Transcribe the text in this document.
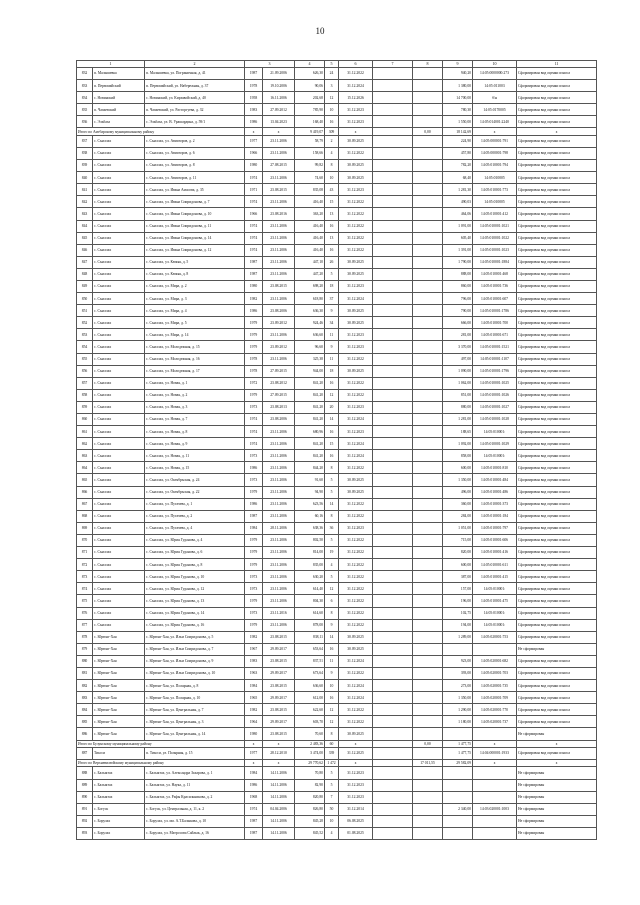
10
1		2	3		4	5	6	7	8	9	10	11
832	п. Малышевка	п. Малышевка, ул. Пограничная, д. 41	1987	21.09.2006	626,30	24	31.12.2022			940,20	14:05:0000000:273	Сформирован вид оценки износа
833	п. Первомайский	п. Первомайский, ул. Набережная, д. 37	1978	19.10.2006	90,06	3	31.12.2024			1 380,00	14:05:011003	Сформирован вид оценки износа
834	с. Новинский	с. Новинский, ул. Кирзавойский, д. 40	1958	16.11.2006	202,68	12	15.12.2026			14 700,00	б/н	Сформирован вид оценки износа
835	п. Чапаевский	п. Чапаевский, ул. Расторгуева, д. 32	1983	27.09.2012	785,90	10	31.12.2023			780,30	14:05:0170005	Сформирован вид оценки износа
836	с. Эльбаза	с. Эльбаза, ул. В. Урашардина, д. 59/1	1986	13.04.2023	168,40	16	31.12.2023			1 550,00	14:05:014001:2240	Сформирован вид оценки износа
Итого по Амгбарскому муниципальному району			x	x	9 419,07	309	x		0,00	18 142,69	x	x
837	с. Сыаллах	с. Сыаллах, ул. Авиаторов, д. 2	1977	23.11.2006	58,79	2	30.09.2025			224,90	14:05:000001:791	Сформирован вид оценки износа
838	с. Сыаллах	с. Сыаллах, ул. Авиаторов, д. 6	1966	23.11.2006	158,66	4	31.12.2022			457,80	14:05:000001:798	Сформирован вид оценки износа
839	с. Сыаллах	с. Сыаллах, ул. Авиаторов, д. 8	1980	27.08.2015	99,82	8	30.09.2025			782,20	14:05:010001:794	Сформирован вид оценки износа
840	с. Сыаллах	с. Сыаллах, ул. Авиаторов, д. 11	1974	23.11.2006	74,60	10	30.09.2025			68,40	14:05:010005	Сформирован вид оценки износа
841	с. Сыаллах	с. Сыаллах, ул. Ивана Амасова, д. 35	1971	23.08.2015	835,08	43	31.12.2023			1 281,30	14:05:010001:773	Сформирован вид оценки износа
842	с. Сыаллах	с. Сыаллах, ул. Ивана Спиридонова, д. 7	1974	23.11.2006	416,40	15	31.12.2022			490,03	14:05:010005	Сформирован вид оценки износа
843	с. Сыаллах	с. Сыаллах, ул. Ивана Спиридонова, д. 10	1966	23.08.2016	363,20	13	31.12.2022			464,06	14:05:010001:412	Сформирован вид оценки износа
844	с. Сыаллах	с. Сыаллах, ул. Ивана Спиридонова, д. 11	1974	23.11.2006	416,40	16	31.12.2022			1 091,00	14:05:010001:1021	Сформирован вид оценки износа
845	с. Сыаллах	с. Сыаллах, ул. Ивана Спиридонова, д. 14	1974	23.11.2006	416,40	13	31.12.2022			605,40	14:05:010001:1022	Сформирован вид оценки износа
846	с. Сыаллах	с. Сыаллах, ул. Ивана Спиридонова, д. 12	1974	23.11.2006	416,40	16	31.12.2022			1 391,00	14:05:010001:1023	Сформирован вид оценки износа
847	с. Сыаллах	с. Сыаллах, ул. Кюкяя, д. 5	1987	23.11.2006	447,10	26	30.09.2025			1 790,00	14:05:010001:1884	Сформирован вид оценки износа
848	с. Сыаллах	с. Сыаллах, ул. Кюкяя, д. 8	1987	23.11.2006	447,20	5	30.09.2025			888,00	14:05:010001:468	Сформирован вид оценки износа
849	с. Сыаллах	с. Сыаллах, ул. Мира, д. 2	1980	23.08.2015	698,20	18	31.12.2023			860,00	14:05:010001:736	Сформирован вид оценки износа
850	с. Сыаллах	с. Сыаллах, ул. Мира, д. 3	1982	23.11.2006	618,80	37	31.12.2024			796,00	14:05:010001:607	Сформирован вид оценки износа
851	с. Сыаллах	с. Сыаллах, ул. Мира, д. 4	1986	23.08.2006	636,30	9	30.09.2025			790,00	14:05:010001:1786	Сформирован вид оценки износа
852	с. Сыаллах	с. Сыаллах, ул. Мира, д. 5	1979	23.09.2012	924,46	34	30.09.2025			666,00	14:05:010001:700	Сформирован вид оценки износа
853	с. Сыаллах	с. Сыаллах, ул. Мира, д. 14	1979	23.11.2006	636,60	11	31.12.2023			281,00	14:05:010001:671	Сформирован вид оценки износа
854	с. Сыаллах	с. Сыаллах, ул. Молодежная, д. 15	1979	23.09.2012	96,60	9	31.12.2023			3 370,00	14:05:010001:1521	Сформирован вид оценки износа
855	с. Сыаллах	с. Сыаллах, ул. Молодежная, д. 16	1978	23.11.2006	325,38	11	31.12.2022			497,00	14:05:010001:1107	Сформирован вид оценки износа
856	с. Сыаллах	с. Сыаллах, ул. Молодежная, д. 17	1978	27.09.2015	944,00	18	30.09.2025			1 090,00	14:05:010001:1796	Сформирован вид оценки износа
857	с. Сыаллах	с. Сыаллах, ул. Новая, д. 1	1972	23.08.2012	841,20	16	31.12.2022			1 062,00	14:05:010001:1025	Сформирован вид оценки износа
858	с. Сыаллах	с. Сыаллах, ул. Новая, д. 2	1979	27.09.2015	841,20	12	31.12.2022			851,00	14:05:010001:1026	Сформирован вид оценки износа
859	с. Сыаллах	с. Сыаллах, ул. Новая, д. 3	1973	23.08.2013	841,20	20	31.12.2023			880,00	14:05:010001:1027	Сформирован вид оценки износа
860	с. Сыаллах	с. Сыаллах, ул. Новая, д. 7	1974	23.08.2006	841,20	14	31.12.2024			1 281,00	14:05:010001:1028	Сформирован вид оценки износа
861	с. Сыаллах	с. Сыаллах, ул. Новая, д. 8	1974	23.11.2006	680,96	16	31.12.2023			188,65	14:05:010001:	Сформирован вид оценки износа
862	с. Сыаллах	с. Сыаллах, ул. Новая, д. 9	1974	23.11.2006	841,20	15	31.12.2024			1 092,00	14:05:010001:1029	Сформирован вид оценки износа
863	с. Сыаллах	с. Сыаллах, ул. Новая, д. 11	1973	23.11.2006	841,20	16	31.12.2024			858,00	14:05:010001:	Сформирован вид оценки износа
864	с. Сыаллах	с. Сыаллах, ул. Новая, д. 15	1986	23.11.2006	844,20	8	31.12.2022			600,00	14:05:010001:810	Сформирован вид оценки износа
865	с. Сыаллах	с. Сыаллах, ул. Октябрьская, д. 24	1973	23.11.2006	91,60	5	30.09.2025			1 350,00	14:05:010001:484	Сформирован вид оценки износа
866	с. Сыаллах	с. Сыаллах, ул. Октябрьская, д. 22	1979	23.11.2006	94,90	5	30.09.2025			496,00	14:05:010001:486	Сформирован вид оценки износа
867	с. Сыаллах	с. Сыаллах, ул. Пугачева, д. 1	1986	23.11.2006	623,56	14	31.12.2022			360,00	14:05:010001:373	Сформирован вид оценки износа
868	с. Сыаллах	с. Сыаллах, ул. Пугачева, д. 2	1987	23.11.2006	60,16	8	31.12.2022			284,00	14:05:010001:184	Сформирован вид оценки износа
869	с. Сыаллах	с. Сыаллах, ул. Пугачева, д. 4	1984	28.11.2006	638,36	36	31.12.2023			1 051,00	14:05:010001:797	Сформирован вид оценки износа
870	с. Сыаллах	с. Сыаллах, ул. Юрия Гуданова, д. 4	1979	23.11.2006	802,50	5	31.12.2022			715,00	14:05:010001:606	Сформирован вид оценки износа
871	с. Сыаллах	с. Сыаллах, ул. Юрия Гуданова, д. 6	1979	23.11.2006	814,00	19	31.12.2022			820,00	14:05:010001:416	Сформирован вид оценки износа
872	с. Сыаллах	с. Сыаллах, ул. Юрия Гуданова, д. 8	1979	23.11.2006	835,00	4	31.12.2022			600,00	14:05:010001:611	Сформирован вид оценки износа
873	с. Сыаллах	с. Сыаллах, ул. Юрия Гуданова, д. 10	1973	23.11.2006	630,20	5	31.12.2022			387,00	14:05:010001:415	Сформирован вид оценки износа
874	с. Сыаллах	с. Сыаллах, ул. Юрия Гуданова, д. 12	1973	23.11.2006	614,40	12	31.12.2022			157,00	14:05:010001:	Сформирован вид оценки износа
875	с. Сыаллах	с. Сыаллах, ул. Юрия Гуданова, д. 13	1979	23.11.2006	804,30	6	31.12.2022			196,00	14:05:010001:475	Сформирован вид оценки износа
876	с. Сыаллах	с. Сыаллах, ул. Юрия Гуданова, д. 14	1973	23.11.2016	614,60	8	31.12.2022			102,75	14:05:010001:	Сформирован вид оценки износа
877	с. Сыаллах	с. Сыаллах, ул. Юрия Гуданова, д. 16	1979	23.11.2006	878,00	9	31.12.2022			194,00	14:05:010001:	Сформирован вид оценки износа
878	с. Юрюнг-Хая	с. Юрюнг-Хая, ул. Ильи Спиридонова, д. 5	1982	23.08.2015	838,11	14	30.09.2025			1 289,00	14:05:020001:753	Сформирован вид оценки износа
879	с. Юрюнг-Хая	с. Юрюнг-Хая, ул. Ильи Спиридонова, д. 7	1967	29.09.2017	653,64	16	30.09.2025					Не сформирован
880	с. Юрюнг-Хая	с. Юрюнг-Хая, ул. Ильи Спиридонова, д. 9	1983	23.08.2015	837,51	11	31.12.2024			923,00	14:05:020001:682	Сформирован вид оценки износа
881	с. Юрюнг-Хая	с. Юрюнг-Хая, ул. Ильи Спиридонова, д. 10	1963	29.09.2017	673,64	9	31.12.2022			393,00	14:05:020001:703	Сформирован вид оценки износа
882	с. Юрюнг-Хая	с. Юрюнг-Хая, ул. Полярная, д. 8	1984	23.08.2015	636,60	10	31.12.2024			273,00	14:05:020001:735	Сформирован вид оценки износа
883	с. Юрюнг-Хая	с. Юрюнг-Хая, ул. Полярная, д. 10	1965	29.09.2017	612,00	16	31.12.2024			1 350,00	14:05:020001:709	Сформирован вид оценки износа
884	с. Юрюнг-Хая	с. Юрюнг-Хая, ул. Центральная, д. 7	1982	23.08.2015	622,60	12	31.12.2022			1 290,00	14:05:020001:770	Сформирован вид оценки износа
885	с. Юрюнг-Хая	с. Юрюнг-Хая, ул. Центральная, д. 3	1964	29.09.2017	603,70	12	31.12.2022			1 180,00	14:05:020001:737	Сформирован вид оценки износа
886	с. Юрюнг-Хая	с. Юрюнг-Хая, ул. Центральная, д. 14	1980	23.08.2015	70,60	8	30.09.2025					Не сформирован
Итого по Булунскому муниципальному району			x	x	2 483,36	60	x		0,00	1 477,75	x	x
887	Тиксси	п. Тиксси, ул. Полярная, д. 15	1977	28.12.2010	3 474,00	339	31.12.2025			1 477,75	14:04:000001:1933	Сформирован вид оценки износа
Итого по Верхневилюйскому муниципальному району			x	x	29 770,62	1 472	x		17 011,55	29 582,09	x	x
888	с. Балыктах	с. Балыктах, ул. Александра Захарова, д. 1	1984	14.11.2006	70,80	5	31.12.2023					Не сформирован
889	с. Балыктах	с. Балыктах, ул. Наука, д. 11	1986	14.11.2006	82,90	5	31.12.2023					Не сформирован
890	с. Балыктах	с. Балыктах, ул. Рафы Красильникова, д. 2	1968	14.11.2006	820,80	7	31.12.2023					Не сформирован
891	с. Богуск	с. Богуск, ул. Центральная, д. 11, к. 2	1974	04.04.2006	826,80	50	31.12.2014			2 340,00	14:03:020001:1003	Не сформирован
892	с. Борулах	с. Борулах, ул. им. А.Т.Балыкова, д. 10	1987	14.11.2006	845,28	10	06.08.2025					Не сформирован
893	с. Борулах	с. Борулах, ул. Матросова Сайлык, д. 16	1987	14.11.2006	845,52	4	01.08.2025					Не сформирован
